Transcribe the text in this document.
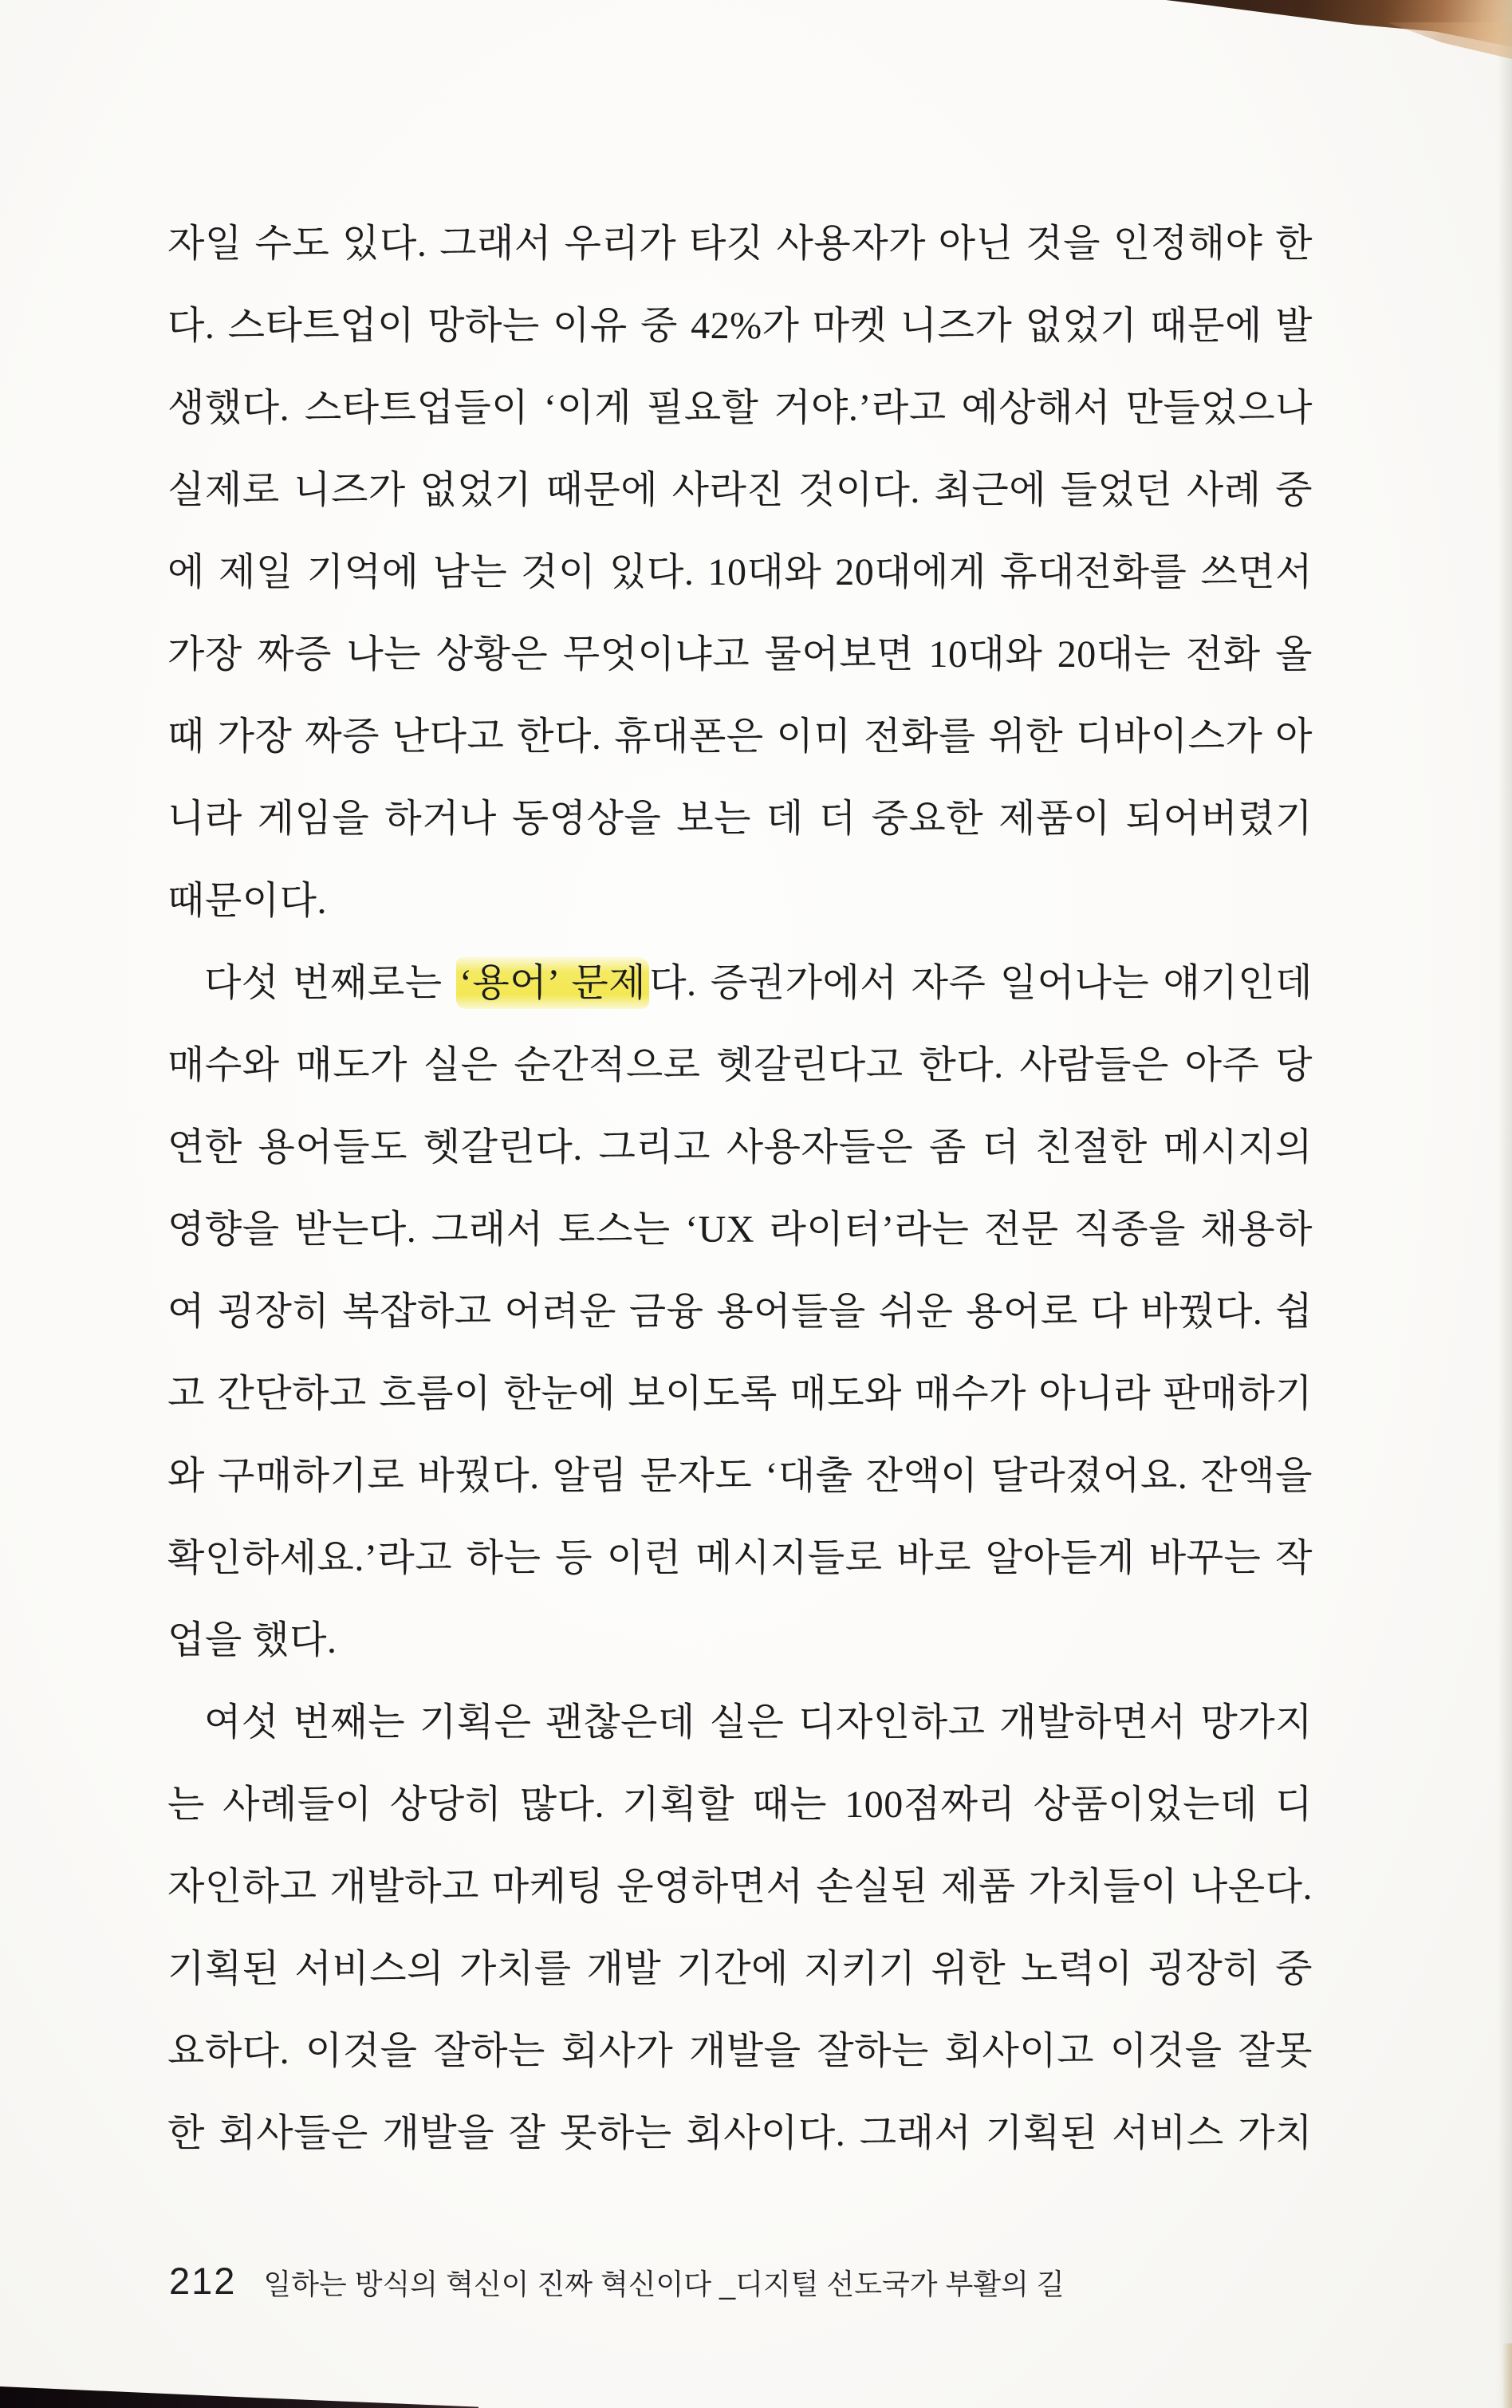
자일 수도 있다. 그래서 우리가 타깃 사용자가 아닌 것을 인정해야 한
다. 스타트업이 망하는 이유 중 42%가 마켓 니즈가 없었기 때문에 발
생했다. 스타트업들이 ‘이게 필요할 거야.’라고 예상해서 만들었으나
실제로 니즈가 없었기 때문에 사라진 것이다. 최근에 들었던 사례 중
에 제일 기억에 남는 것이 있다. 10대와 20대에게 휴대전화를 쓰면서
가장 짜증 나는 상황은 무엇이냐고 물어보면 10대와 20대는 전화 올
때 가장 짜증 난다고 한다. 휴대폰은 이미 전화를 위한 디바이스가 아
니라 게임을 하거나 동영상을 보는 데 더 중요한 제품이 되어버렸기
때문이다.
다섯 번째로는 ‘용어’ 문제다. 증권가에서 자주 일어나는 얘기인데
매수와 매도가 실은 순간적으로 헷갈린다고 한다. 사람들은 아주 당
연한 용어들도 헷갈린다. 그리고 사용자들은 좀 더 친절한 메시지의
영향을 받는다. 그래서 토스는 ‘UX 라이터’라는 전문 직종을 채용하
여 굉장히 복잡하고 어려운 금융 용어들을 쉬운 용어로 다 바꿨다. 쉽
고 간단하고 흐름이 한눈에 보이도록 매도와 매수가 아니라 판매하기
와 구매하기로 바꿨다. 알림 문자도 ‘대출 잔액이 달라졌어요. 잔액을
확인하세요.’라고 하는 등 이런 메시지들로 바로 알아듣게 바꾸는 작
업을 했다.
여섯 번째는 기획은 괜찮은데 실은 디자인하고 개발하면서 망가지
는 사례들이 상당히 많다. 기획할 때는 100점짜리 상품이었는데 디
자인하고 개발하고 마케팅 운영하면서 손실된 제품 가치들이 나온다.
기획된 서비스의 가치를 개발 기간에 지키기 위한 노력이 굉장히 중
요하다. 이것을 잘하는 회사가 개발을 잘하는 회사이고 이것을 잘못
한 회사들은 개발을 잘 못하는 회사이다. 그래서 기획된 서비스 가치
212 일하는 방식의 혁신이 진짜 혁신이다 _디지털 선도국가 부활의 길
